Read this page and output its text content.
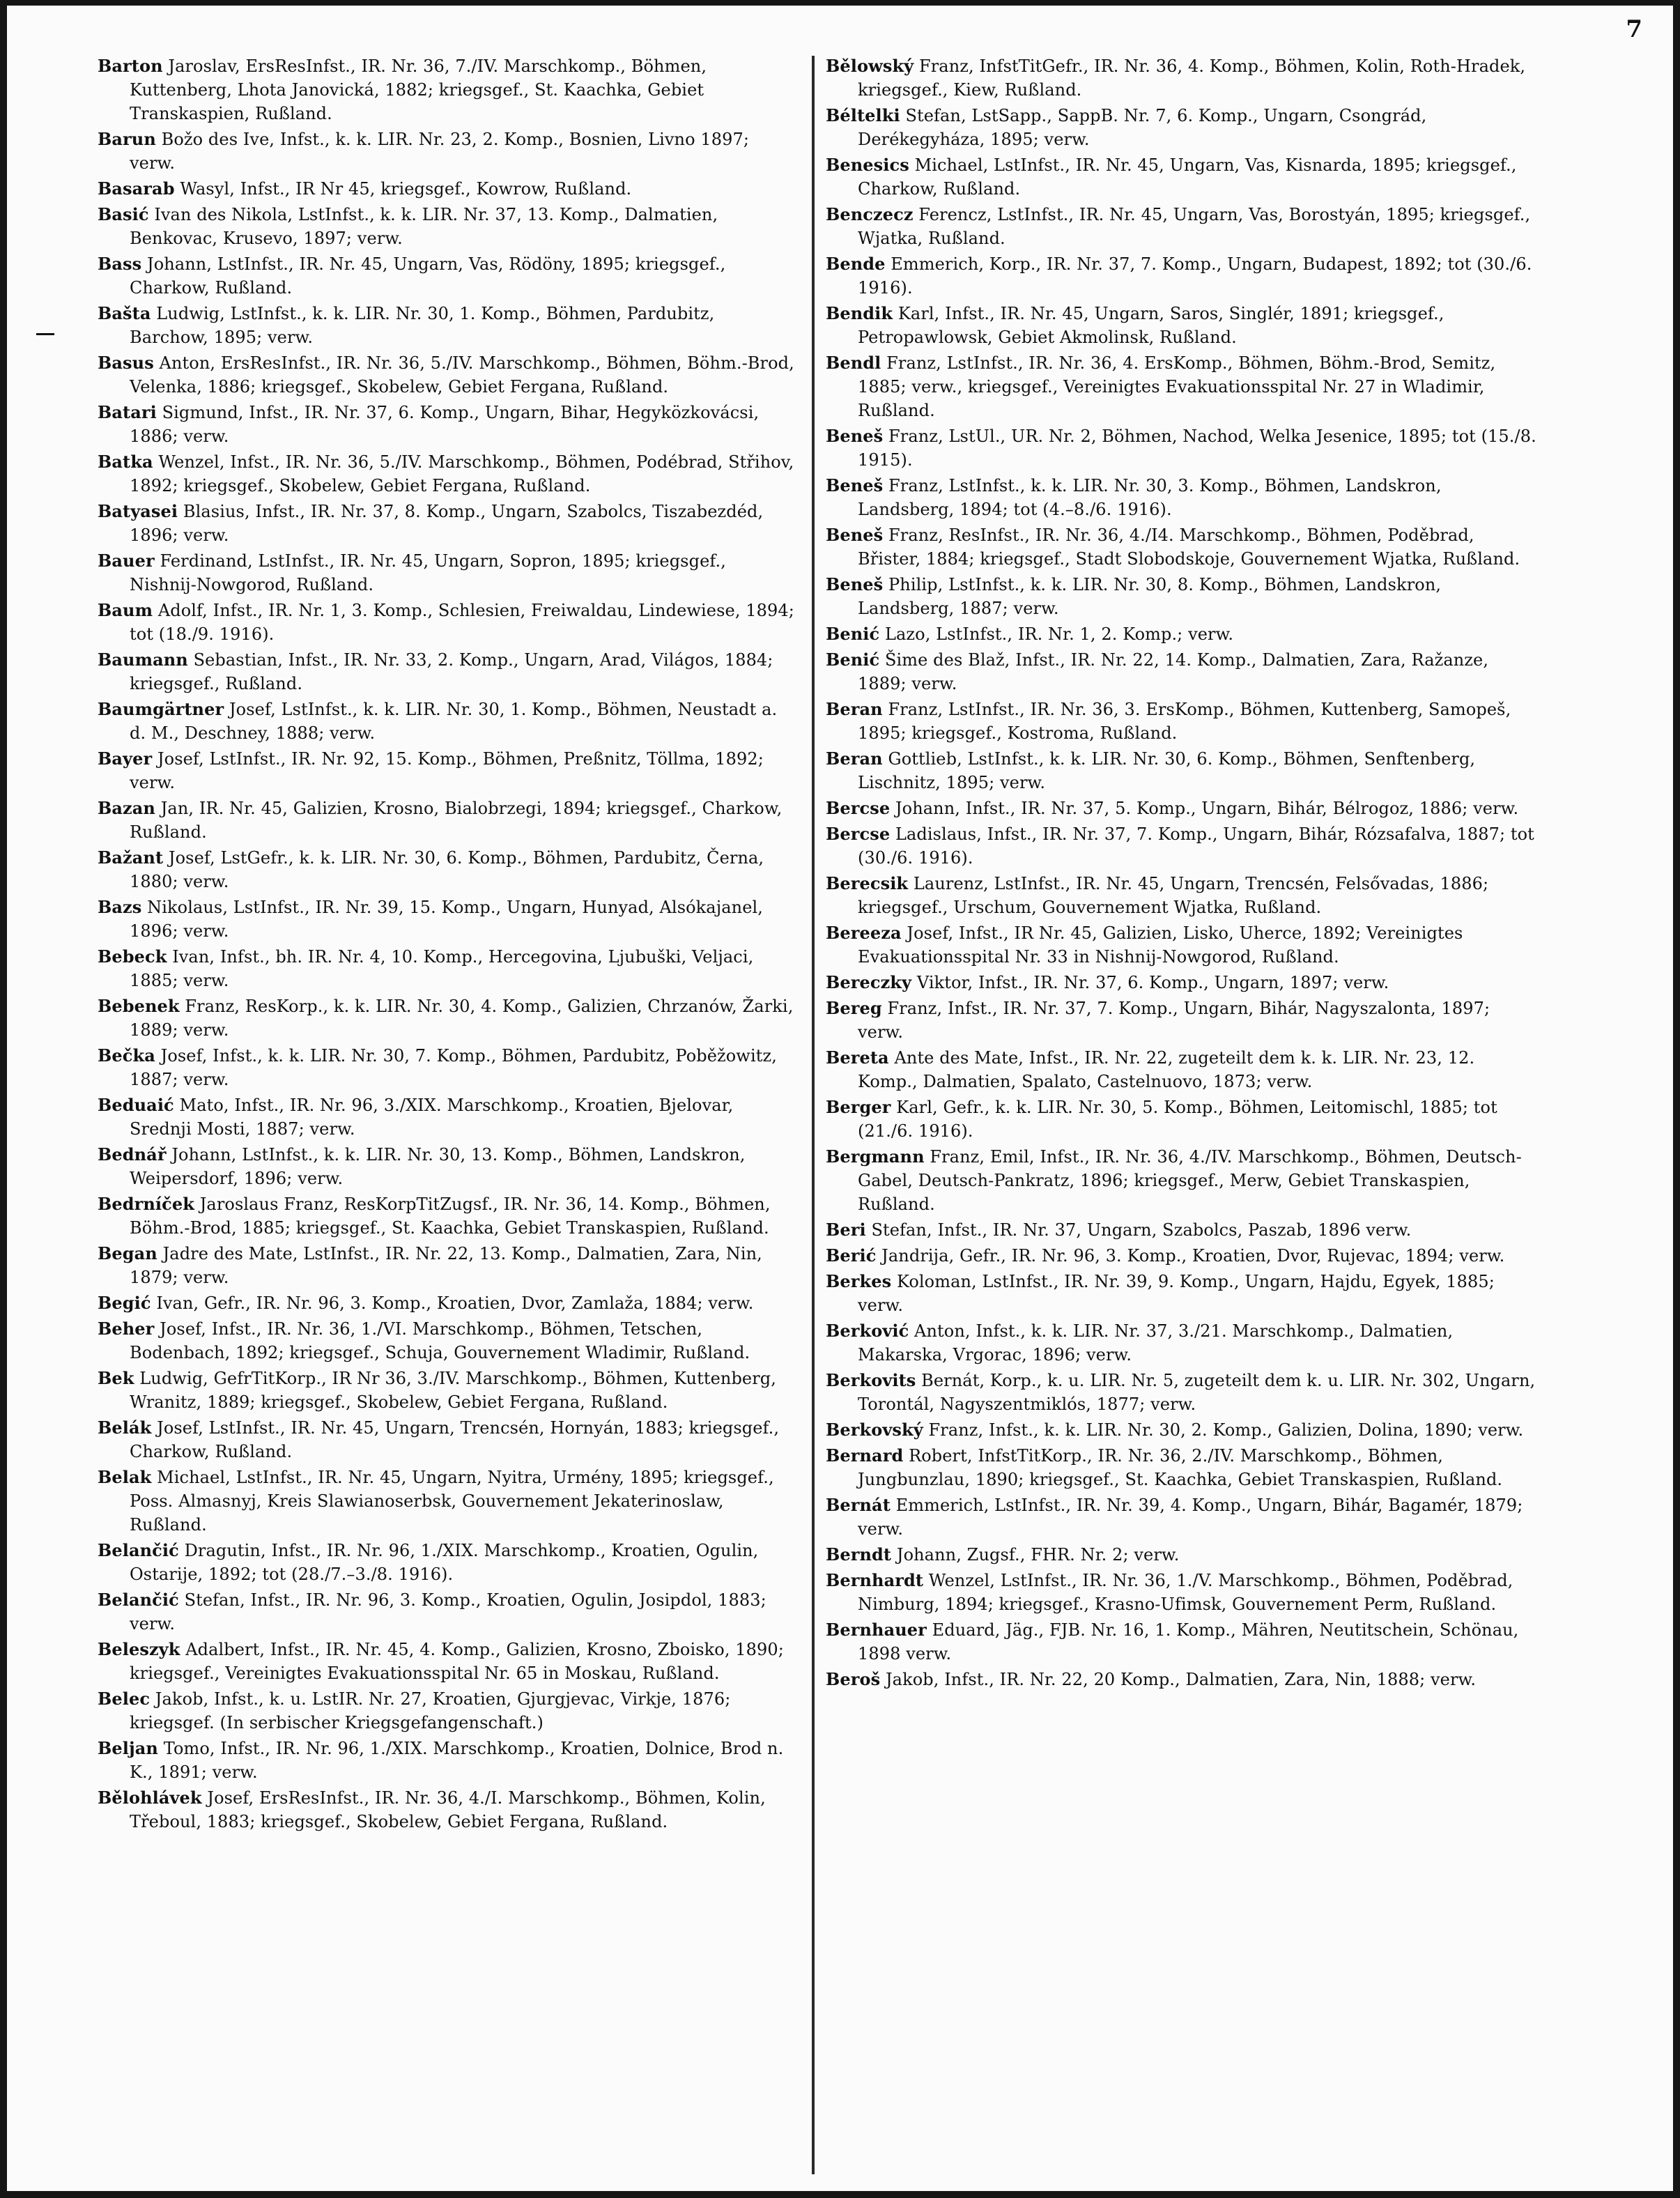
7

Barton Jaroslav, ErsResInfst., IR. Nr. 36, 7./IV. Marschkomp., Böhmen, Kuttenberg, Lhota Janovická, 1882; kriegsgef., St. Kaachka, Gebiet Transkaspien, Rußland.

Barun Božo des Ive, Infst., k. k. LIR. Nr. 23, 2. Komp., Bosnien, Livno 1897; verw.

Basarab Wasyl, Infst., IR Nr 45, kriegsgef., Kowrow, Rußland.

Basić Ivan des Nikola, LstInfst., k. k. LIR. Nr. 37, 13. Komp., Dalmatien, Benkovac, Krusevo, 1897; verw.

Bass Johann, LstInfst., IR. Nr. 45, Ungarn, Vas, Rödöny, 1895; kriegsgef., Charkow, Rußland.

Bašta Ludwig, LstInfst., k. k. LIR. Nr. 30, 1. Komp., Böhmen, Pardubitz, Barchow, 1895; verw.

Basus Anton, ErsResInfst., IR. Nr. 36, 5./IV. Marschkomp., Böhmen, Böhm.-Brod, Velenka, 1886; kriegsgef., Skobelew, Gebiet Fergana, Rußland.

Batari Sigmund, Infst., IR. Nr. 37, 6. Komp., Ungarn, Bihar, Hegyközkovácsi, 1886; verw.

Batka Wenzel, Infst., IR. Nr. 36, 5./IV. Marschkomp., Böhmen, Podébrad, Střihov, 1892; kriegsgef., Skobelew, Gebiet Fergana, Rußland.

Batyasei Blasius, Infst., IR. Nr. 37, 8. Komp., Ungarn, Szabolcs, Tiszabezdéd, 1896; verw.

Bauer Ferdinand, LstInfst., IR. Nr. 45, Ungarn, Sopron, 1895; kriegsgef., Nishnij-Nowgorod, Rußland.

Baum Adolf, Infst., IR. Nr. 1, 3. Komp., Schlesien, Freiwaldau, Lindewiese, 1894; tot (18./9. 1916).

Baumann Sebastian, Infst., IR. Nr. 33, 2. Komp., Ungarn, Arad, Világos, 1884; kriegsgef., Rußland.

Baumgärtner Josef, LstInfst., k. k. LIR. Nr. 30, 1. Komp., Böhmen, Neustadt a. d. M., Deschney, 1888; verw.

Bayer Josef, LstInfst., IR. Nr. 92, 15. Komp., Böhmen, Preßnitz, Töllma, 1892; verw.

Bazan Jan, IR. Nr. 45, Galizien, Krosno, Bialobrzegi, 1894; kriegsgef., Charkow, Rußland.

Bažant Josef, LstGefr., k. k. LIR. Nr. 30, 6. Komp., Böhmen, Pardubitz, Černa, 1880; verw.

Bazs Nikolaus, LstInfst., IR. Nr. 39, 15. Komp., Ungarn, Hunyad, Alsókajanel, 1896; verw.

Bebeck Ivan, Infst., bh. IR. Nr. 4, 10. Komp., Hercegovina, Ljubuški, Veljaci, 1885; verw.

Bebenek Franz, ResKorp., k. k. LIR. Nr. 30, 4. Komp., Galizien, Chrzanów, Žarki, 1889; verw.

Bečka Josef, Infst., k. k. LIR. Nr. 30, 7. Komp., Böhmen, Pardubitz, Poběžowitz, 1887; verw.

Beduaić Mato, Infst., IR. Nr. 96, 3./XIX. Marschkomp., Kroatien, Bjelovar, Srednji Mosti, 1887; verw.

Bednář Johann, LstInfst., k. k. LIR. Nr. 30, 13. Komp., Böhmen, Landskron, Weipersdorf, 1896; verw.

Bedrníček Jaroslaus Franz, ResKorpTitZugsf., IR. Nr. 36, 14. Komp., Böhmen, Böhm.-Brod, 1885; kriegsgef., St. Kaachka, Gebiet Transkaspien, Rußland.

Began Jadre des Mate, LstInfst., IR. Nr. 22, 13. Komp., Dalmatien, Zara, Nin, 1879; verw.

Begić Ivan, Gefr., IR. Nr. 96, 3. Komp., Kroatien, Dvor, Zamlaža, 1884; verw.

Beher Josef, Infst., IR. Nr. 36, 1./VI. Marschkomp., Böhmen, Tetschen, Bodenbach, 1892; kriegsgef., Schuja, Gouvernement Wladimir, Rußland.

Bek Ludwig, GefrTitKorp., IR Nr 36, 3./IV. Marschkomp., Böhmen, Kuttenberg, Wranitz, 1889; kriegsgef., Skobelew, Gebiet Fergana, Rußland.

Belák Josef, LstInfst., IR. Nr. 45, Ungarn, Trencsén, Hornyán, 1883; kriegsgef., Charkow, Rußland.

Belak Michael, LstInfst., IR. Nr. 45, Ungarn, Nyitra, Urmény, 1895; kriegsgef., Poss. Almasnyj, Kreis Slawianoserbsk, Gouvernement Jekaterinoslaw, Rußland.

Belančić Dragutin, Infst., IR. Nr. 96, 1./XIX. Marschkomp., Kroatien, Ogulin, Ostarije, 1892; tot (28./7.–3./8. 1916).

Belančić Stefan, Infst., IR. Nr. 96, 3. Komp., Kroatien, Ogulin, Josipdol, 1883; verw.

Beleszyk Adalbert, Infst., IR. Nr. 45, 4. Komp., Galizien, Krosno, Zboisko, 1890; kriegsgef., Vereinigtes Evakuationsspital Nr. 65 in Moskau, Rußland.

Belec Jakob, Infst., k. u. LstIR. Nr. 27, Kroatien, Gjurgjevac, Virkje, 1876; kriegsgef. (In serbischer Kriegsgefangenschaft.)

Beljan Tomo, Infst., IR. Nr. 96, 1./XIX. Marschkomp., Kroatien, Dolnice, Brod n. K., 1891; verw.

Bělohlávek Josef, ErsResInfst., IR. Nr. 36, 4./I. Marschkomp., Böhmen, Kolin, Třeboul, 1883; kriegsgef., Skobelew, Gebiet Fergana, Rußland.

Bělowský Franz, InfstTitGefr., IR. Nr. 36, 4. Komp., Böhmen, Kolin, Roth-Hradek, kriegsgef., Kiew, Rußland.

Béltelki Stefan, LstSapp., SappB. Nr. 7, 6. Komp., Ungarn, Csongrád, Derékegyháza, 1895; verw.

Benesics Michael, LstInfst., IR. Nr. 45, Ungarn, Vas, Kisnarda, 1895; kriegsgef., Charkow, Rußland.

Benczecz Ferencz, LstInfst., IR. Nr. 45, Ungarn, Vas, Borostyán, 1895; kriegsgef., Wjatka, Rußland.

Bende Emmerich, Korp., IR. Nr. 37, 7. Komp., Ungarn, Budapest, 1892; tot (30./6. 1916).

Bendik Karl, Infst., IR. Nr. 45, Ungarn, Saros, Singlér, 1891; kriegsgef., Petropawlowsk, Gebiet Akmolinsk, Rußland.

Bendl Franz, LstInfst., IR. Nr. 36, 4. ErsKomp., Böhmen, Böhm.-Brod, Semitz, 1885; verw., kriegsgef., Vereinigtes Evakuationsspital Nr. 27 in Wladimir, Rußland.

Beneš Franz, LstUl., UR. Nr. 2, Böhmen, Nachod, Welka Jesenice, 1895; tot (15./8. 1915).

Beneš Franz, LstInfst., k. k. LIR. Nr. 30, 3. Komp., Böhmen, Landskron, Landsberg, 1894; tot (4.–8./6. 1916).

Beneš Franz, ResInfst., IR. Nr. 36, 4./I4. Marschkomp., Böhmen, Poděbrad, Břister, 1884; kriegsgef., Stadt Slobodskoje, Gouvernement Wjatka, Rußland.

Beneš Philip, LstInfst., k. k. LIR. Nr. 30, 8. Komp., Böhmen, Landskron, Landsberg, 1887; verw.

Benić Lazo, LstInfst., IR. Nr. 1, 2. Komp.; verw.

Benić Šime des Blaž, Infst., IR. Nr. 22, 14. Komp., Dalmatien, Zara, Ražanze, 1889; verw.

Beran Franz, LstInfst., IR. Nr. 36, 3. ErsKomp., Böhmen, Kuttenberg, Samopeš, 1895; kriegsgef., Kostroma, Rußland.

Beran Gottlieb, LstInfst., k. k. LIR. Nr. 30, 6. Komp., Böhmen, Senftenberg, Lischnitz, 1895; verw.

Bercse Johann, Infst., IR. Nr. 37, 5. Komp., Ungarn, Bihár, Bélrogoz, 1886; verw.

Bercse Ladislaus, Infst., IR. Nr. 37, 7. Komp., Ungarn, Bihár, Rózsafalva, 1887; tot (30./6. 1916).

Berecsik Laurenz, LstInfst., IR. Nr. 45, Ungarn, Trencsén, Felsővadas, 1886; kriegsgef., Urschum, Gouvernement Wjatka, Rußland.

Bereeza Josef, Infst., IR Nr. 45, Galizien, Lisko, Uherce, 1892; Vereinigtes Evakuationsspital Nr. 33 in Nishnij-Nowgorod, Rußland.

Bereczky Viktor, Infst., IR. Nr. 37, 6. Komp., Ungarn, 1897; verw.

Bereg Franz, Infst., IR. Nr. 37, 7. Komp., Ungarn, Bihár, Nagyszalonta, 1897; verw.

Bereta Ante des Mate, Infst., IR. Nr. 22, zugeteilt dem k. k. LIR. Nr. 23, 12. Komp., Dalmatien, Spalato, Castelnuovo, 1873; verw.

Berger Karl, Gefr., k. k. LIR. Nr. 30, 5. Komp., Böhmen, Leitomischl, 1885; tot (21./6. 1916).

Bergmann Franz, Emil, Infst., IR. Nr. 36, 4./IV. Marschkomp., Böhmen, Deutsch-Gabel, Deutsch-Pankratz, 1896; kriegsgef., Merw, Gebiet Transkaspien, Rußland.

Beri Stefan, Infst., IR. Nr. 37, Ungarn, Szabolcs, Paszab, 1896 verw.

Berić Jandrija, Gefr., IR. Nr. 96, 3. Komp., Kroatien, Dvor, Rujevac, 1894; verw.

Berkes Koloman, LstInfst., IR. Nr. 39, 9. Komp., Ungarn, Hajdu, Egyek, 1885; verw.

Berković Anton, Infst., k. k. LIR. Nr. 37, 3./21. Marschkomp., Dalmatien, Makarska, Vrgorac, 1896; verw.

Berkovits Bernát, Korp., k. u. LIR. Nr. 5, zugeteilt dem k. u. LIR. Nr. 302, Ungarn, Torontál, Nagyszentmiklós, 1877; verw.

Berkovský Franz, Infst., k. k. LIR. Nr. 30, 2. Komp., Galizien, Dolina, 1890; verw.

Bernard Robert, InfstTitKorp., IR. Nr. 36, 2./IV. Marschkomp., Böhmen, Jungbunzlau, 1890; kriegsgef., St. Kaachka, Gebiet Transkaspien, Rußland.

Bernát Emmerich, LstInfst., IR. Nr. 39, 4. Komp., Ungarn, Bihár, Bagamér, 1879; verw.

Berndt Johann, Zugsf., FHR. Nr. 2; verw.

Bernhardt Wenzel, LstInfst., IR. Nr. 36, 1./V. Marschkomp., Böhmen, Poděbrad, Nimburg, 1894; kriegsgef., Krasno-Ufimsk, Gouvernement Perm, Rußland.

Bernhauer Eduard, Jäg., FJB. Nr. 16, 1. Komp., Mähren, Neutitschein, Schönau, 1898 verw.

Beroš Jakob, Infst., IR. Nr. 22, 20 Komp., Dalmatien, Zara, Nin, 1888; verw.
